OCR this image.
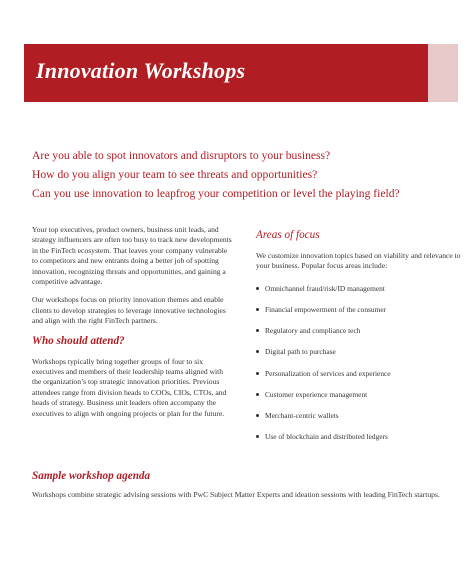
Innovation Workshops
Are you able to spot innovators and disruptors to your business?
How do you align your team to see threats and opportunities?
Can you use innovation to leapfrog your competition or level the playing field?

Your top executives, product owners, business unit leads, and strategy influencers are often too busy to track new developments in the FinTech ecosystem. That leaves your company vulnerable to competitors and new entrants doing a better job of spotting innovation, recognizing threats and opportunities, and gaining a competitive advantage.

Our workshops focus on priority innovation themes and enable clients to develop strategies to leverage innovative technologies and align with the right FinTech partners.

Who should attend?

Workshops typically bring together groups of four to six executives and members of their leadership teams aligned with the organization’s top strategic innovation priorities. Previous attendees range from division heads to COOs, CIOs, CTOs, and heads of strategy. Business unit leaders often accompany the executives to align with ongoing projects or plan for the future.

Areas of focus

We customize innovation topics based on viability and relevance to your business. Popular focus areas include:

Omnichannel fraud/risk/ID management
Financial empowerment of the consumer
Regulatory and compliance tech
Digital path to purchase
Personalization of services and experience
Customer experience management
Merchant-centric wallets
Use of blockchain and distributed ledgers
Sample workshop agenda
Workshops combine strategic advising sessions with PwC Subject Matter Experts and ideation sessions with leading FinTech startups.
